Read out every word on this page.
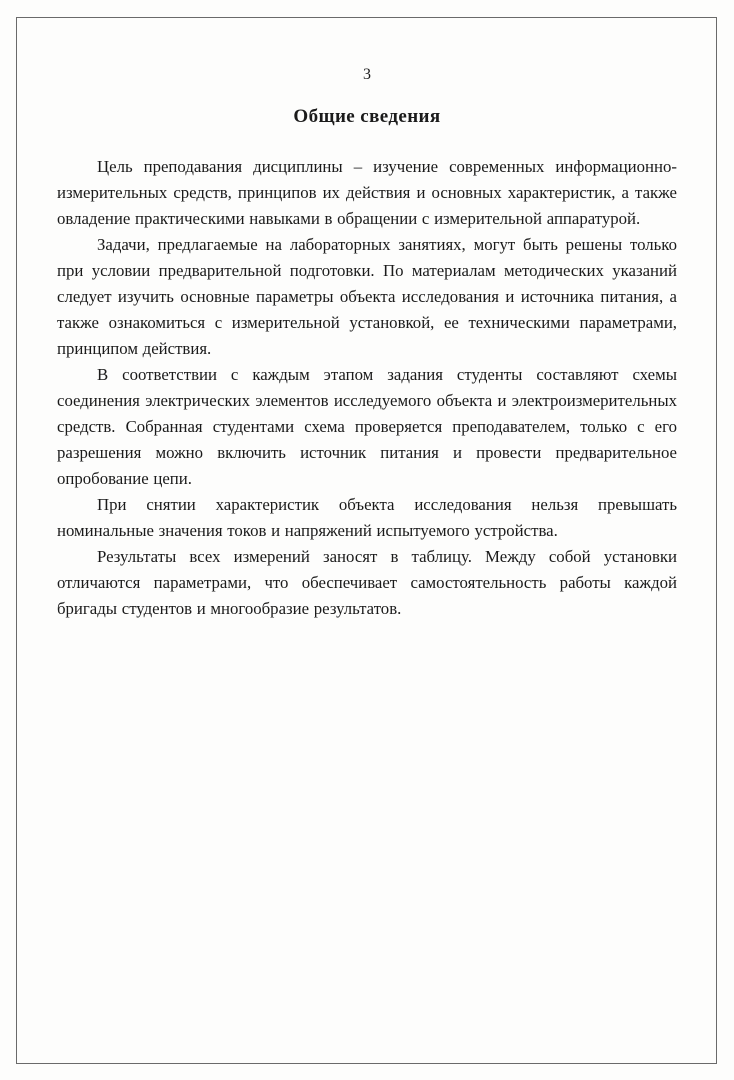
3
Общие сведения

Цель преподавания дисциплины – изучение современных информационно-измерительных средств, принципов их действия и основных характеристик, а также овладение практическими навыками в обращении с измерительной аппаратурой.

Задачи, предлагаемые на лабораторных занятиях, могут быть решены только при условии предварительной подготовки. По материалам методических указаний следует изучить основные параметры объекта исследования и источника питания, а также ознакомиться с измерительной установкой, ее техническими параметрами, принципом действия.

В соответствии с каждым этапом задания студенты составляют схемы соединения электрических элементов исследуемого объекта и электроизмерительных средств. Собранная студентами схема проверяется преподавателем, только с его разрешения можно включить источник питания и провести предварительное опробование цепи.

При снятии характеристик объекта исследования нельзя превышать номинальные значения токов и напряжений испытуемого устройства.

Результаты всех измерений заносят в таблицу. Между собой установки отличаются параметрами, что обеспечивает самостоятельность работы каждой бригады студентов и многообразие результатов.
